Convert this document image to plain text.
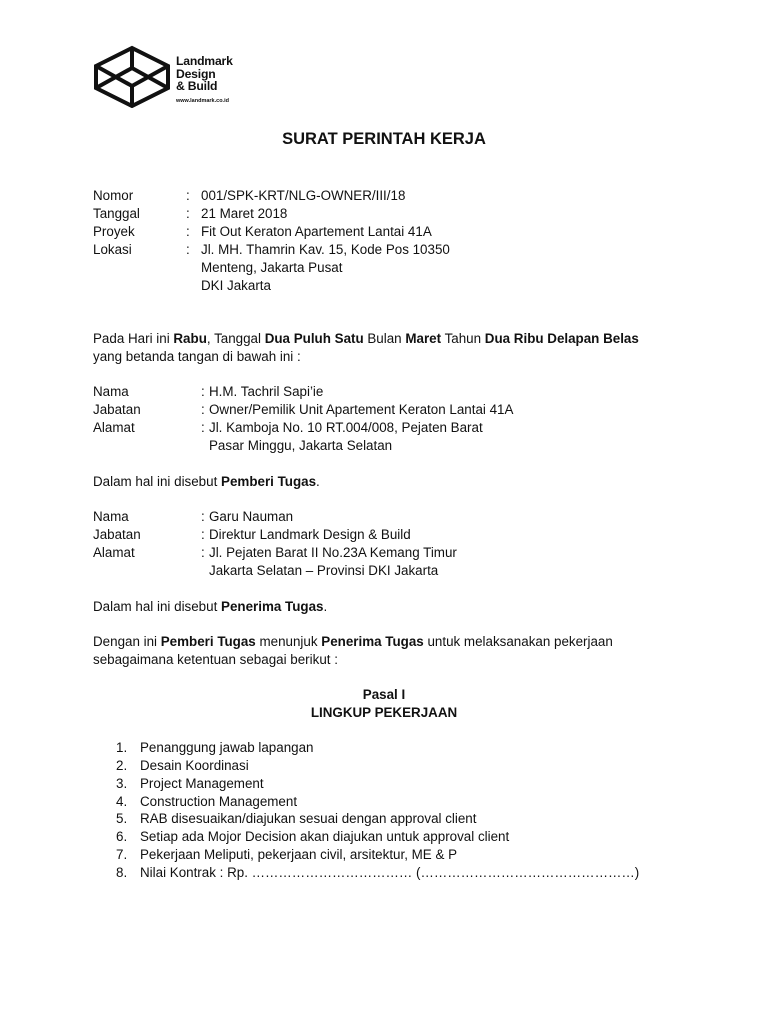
Landmark
Design
& Build
www.landmark.co.id
SURAT PERINTAH KERJA
Nomor	: 001/SPK-KRT/NLG-OWNER/III/18
Tanggal	: 21 Maret 2018
Proyek	: Fit Out Keraton Apartement Lantai 41A
Lokasi	: Jl. MH. Thamrin Kav. 15, Kode Pos 10350
Menteng, Jakarta Pusat
DKI Jakarta
Pada Hari ini Rabu, Tanggal Dua Puluh Satu Bulan Maret Tahun Dua Ribu Delapan Belas
yang betanda tangan di bawah ini :
Nama	: H.M. Tachril Sapi’ie
Jabatan	: Owner/Pemilik Unit Apartement Keraton Lantai 41A
Alamat	: Jl. Kamboja No. 10 RT.004/008, Pejaten Barat
Pasar Minggu, Jakarta Selatan
Dalam hal ini disebut Pemberi Tugas.
Nama	: Garu Nauman
Jabatan	: Direktur Landmark Design & Build
Alamat	: Jl. Pejaten Barat II No.23A Kemang Timur
Jakarta Selatan – Provinsi DKI Jakarta
Dalam hal ini disebut Penerima Tugas.
Dengan ini Pemberi Tugas menunjuk Penerima Tugas untuk melaksanakan pekerjaan
sebagaimana ketentuan sebagai berikut :
Pasal I
LINGKUP PEKERJAAN
1. Penanggung jawab lapangan
2. Desain Koordinasi
3. Project Management
4. Construction Management
5. RAB disesuaikan/diajukan sesuai dengan approval client
6. Setiap ada Mojor Decision akan diajukan untuk approval client
7. Pekerjaan Meliputi, pekerjaan civil, arsitektur, ME & P
8. Nilai Kontrak : Rp. ……………………………… (…………………………………………)
